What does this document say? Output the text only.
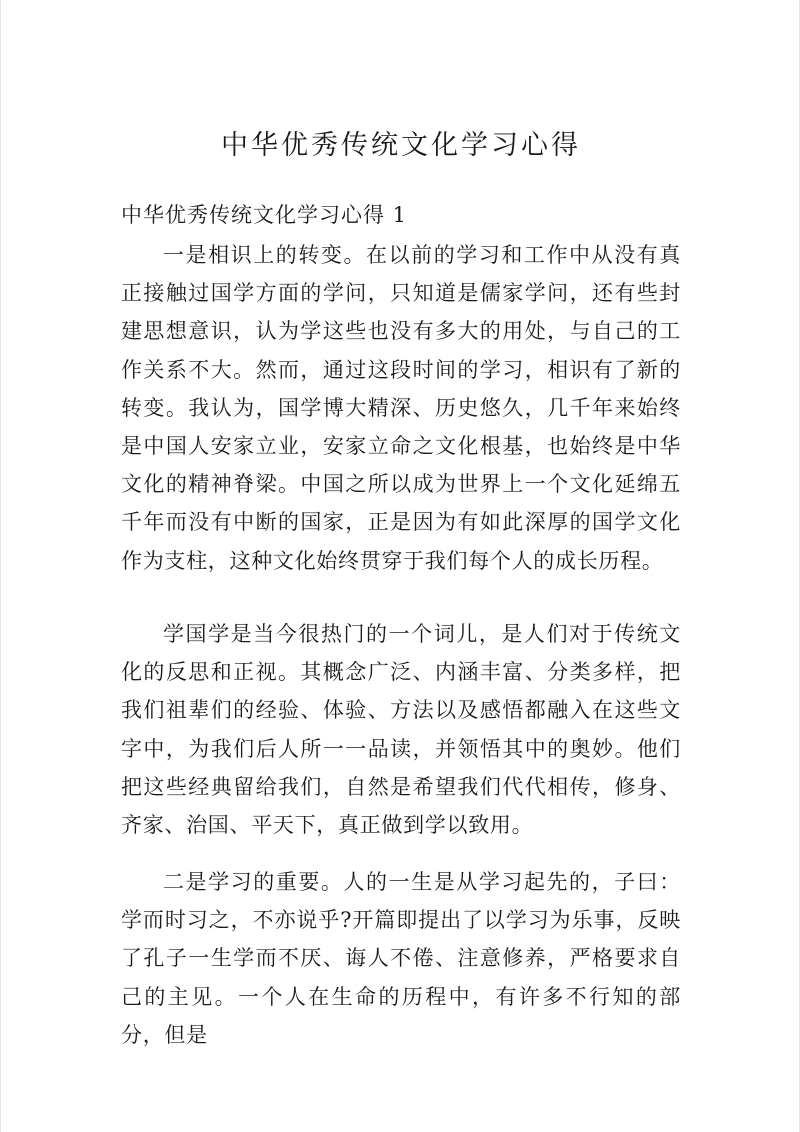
中华优秀传统文化学习心得

中华优秀传统文化学习心得 1

一是相识上的转变。在以前的学习和工作中从没有真正接触过国学方面的学问，只知道是儒家学问，还有些封建思想意识，认为学这些也没有多大的用处，与自己的工作关系不大。然而，通过这段时间的学习，相识有了新的转变。我认为，国学博大精深、历史悠久，几千年来始终是中国人安家立业，安家立命之文化根基，也始终是中华文化的精神脊梁。中国之所以成为世界上一个文化延绵五千年而没有中断的国家，正是因为有如此深厚的国学文化作为支柱，这种文化始终贯穿于我们每个人的成长历程。

学国学是当今很热门的一个词儿，是人们对于传统文化的反思和正视。其概念广泛、内涵丰富、分类多样，把我们祖辈们的经验、体验、方法以及感悟都融入在这些文字中，为我们后人所一一品读，并领悟其中的奥妙。他们把这些经典留给我们，自然是希望我们代代相传，修身、齐家、治国、平天下，真正做到学以致用。

二是学习的重要。人的一生是从学习起先的，子曰：学而时习之，不亦说乎?开篇即提出了以学习为乐事，反映了孔子一生学而不厌、诲人不倦、注意修养，严格要求自己的主见。一个人在生命的历程中，有许多不行知的部分，但是
